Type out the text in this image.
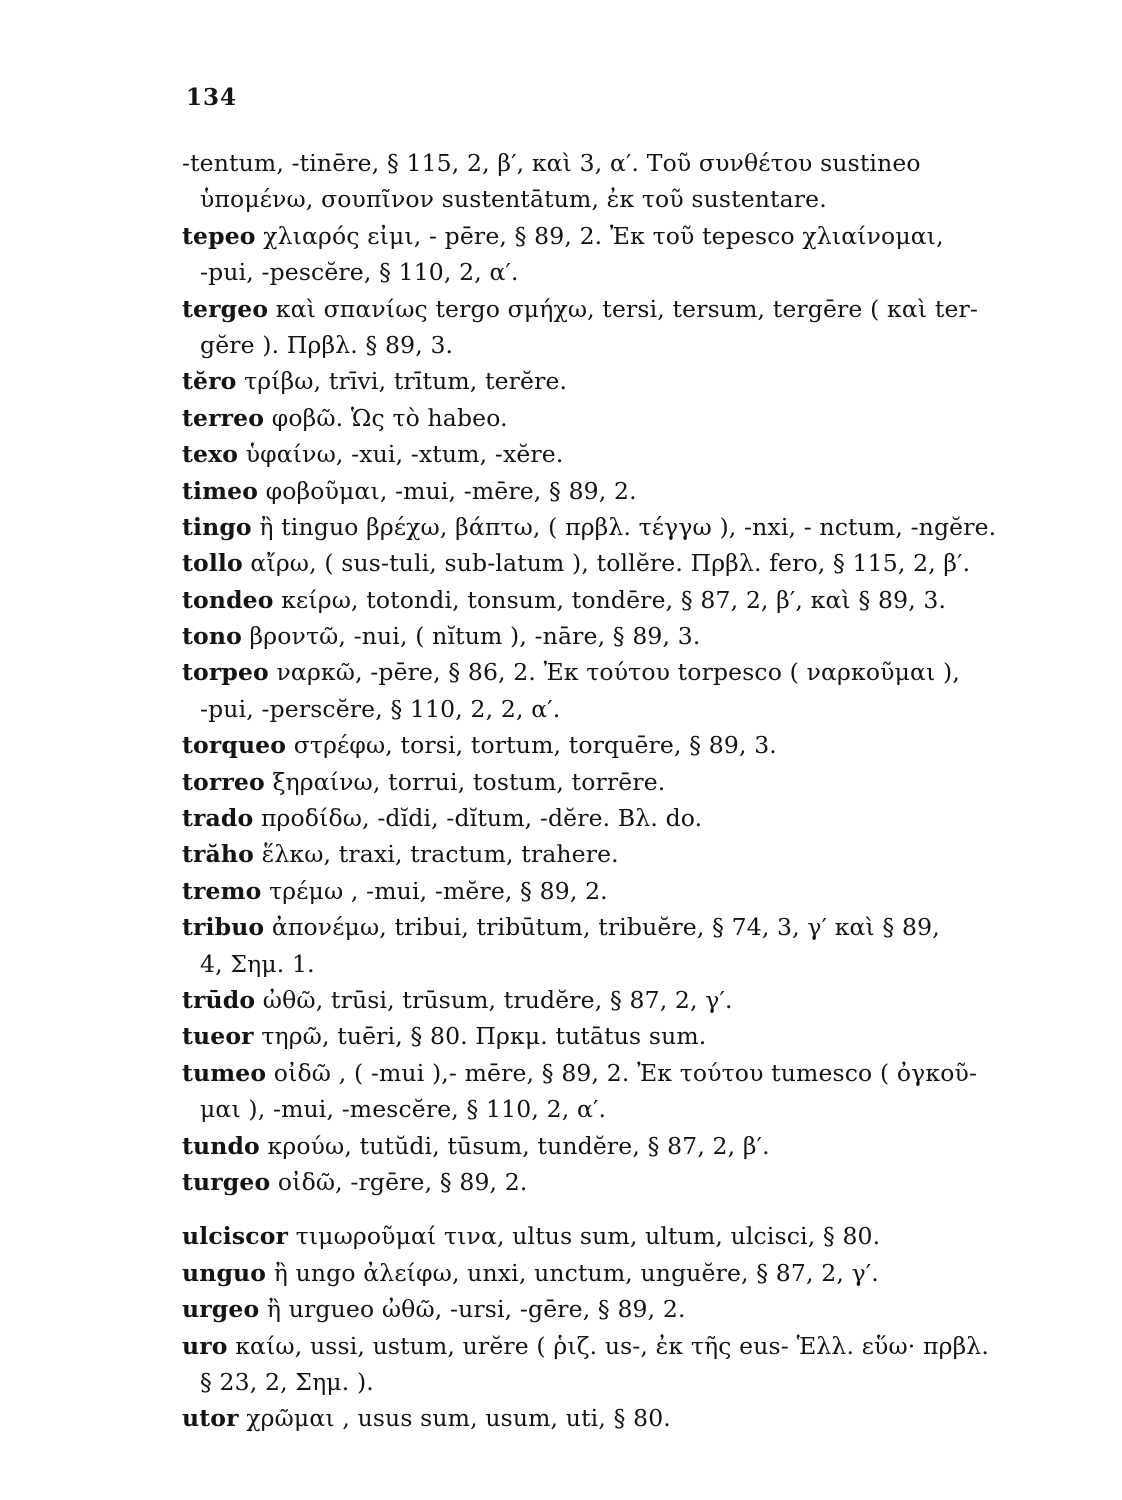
134
-tentum, -tinēre, § 115, 2, β′, καὶ 3, α′. Τοῦ συνθέτου sustineo
ὑπομένω, σουπῖνον sustentātum, ἐκ τοῦ sustentare.
tepeo χλιαρός εἰμι, - pēre, § 89, 2. Ἐκ τοῦ tepesco χλιαίνομαι,
-pui, -pescĕre, § 110, 2, α′.
tergeo καὶ σπανίως tergo σμήχω, tersi, tersum, tergēre ( καὶ ter-
gĕre ). Πρβλ. § 89, 3.
tĕro τρίβω, trīvi, trītum, terĕre.
terreo φοβῶ. Ὡς τὸ habeo.
texo ὑφαίνω, -xui, -xtum, -xĕre.
timeo φοβοῦμαι, -mui, -mēre, § 89, 2.
tingo ἢ tinguo βρέχω, βάπτω, ( πρβλ. τέγγω ), -nxi, - nctum, -ngĕre.
tollo αἴρω, ( sus-tuli, sub-latum ), tollĕre. Πρβλ. fero, § 115, 2, β′.
tondeo κείρω, totondi, tonsum, tondēre, § 87, 2, β′, καὶ § 89, 3.
tono βροντῶ, -nui, ( nĭtum ), -nāre, § 89, 3.
torpeo ναρκῶ, -pēre, § 86, 2. Ἐκ τούτου torpesco ( ναρκοῦμαι ),
-pui, -perscĕre, § 110, 2, 2, α′.
torqueo στρέφω, torsi, tortum, torquēre, § 89, 3.
torreo ξηραίνω, torrui, tostum, torrēre.
trado προδίδω, -dĭdi, -dĭtum, -dĕre. Βλ. do.
trăho ἕλκω, traxi, tractum, trahere.
tremo τρέμω , -mui, -mĕre, § 89, 2.
tribuo ἀπονέμω, tribui, tribūtum, tribuĕre, § 74, 3, γ′ καὶ § 89,
4, Σημ. 1.
trūdo ὠθῶ, trūsi, trūsum, trudĕre, § 87, 2, γ′.
tueor τηρῶ, tuēri, § 80. Πρκμ. tutātus sum.
tumeo οἰδῶ , ( -mui ),- mēre, § 89, 2. Ἐκ τούτου tumesco ( ὀγκοῦ-
μαι ), -mui, -mescĕre, § 110, 2, α′.
tundo κρούω, tutŭdi, tūsum, tundĕre, § 87, 2, β′.
turgeo οἰδῶ, -rgēre, § 89, 2.
ulciscor τιμωροῦμαί τινα, ultus sum, ultum, ulcisci, § 80.
unguo ἢ ungo ἀλείφω, unxi, unctum, unguĕre, § 87, 2, γ′.
urgeo ἢ urgueo ὠθῶ, -ursi, -gēre, § 89, 2.
uro καίω, ussi, ustum, urĕre ( ῥιζ. us-, ἐκ τῆς eus- Ἑλλ. εὕω· πρβλ.
§ 23, 2, Σημ. ).
utor χρῶμαι , usus sum, usum, uti, § 80.
